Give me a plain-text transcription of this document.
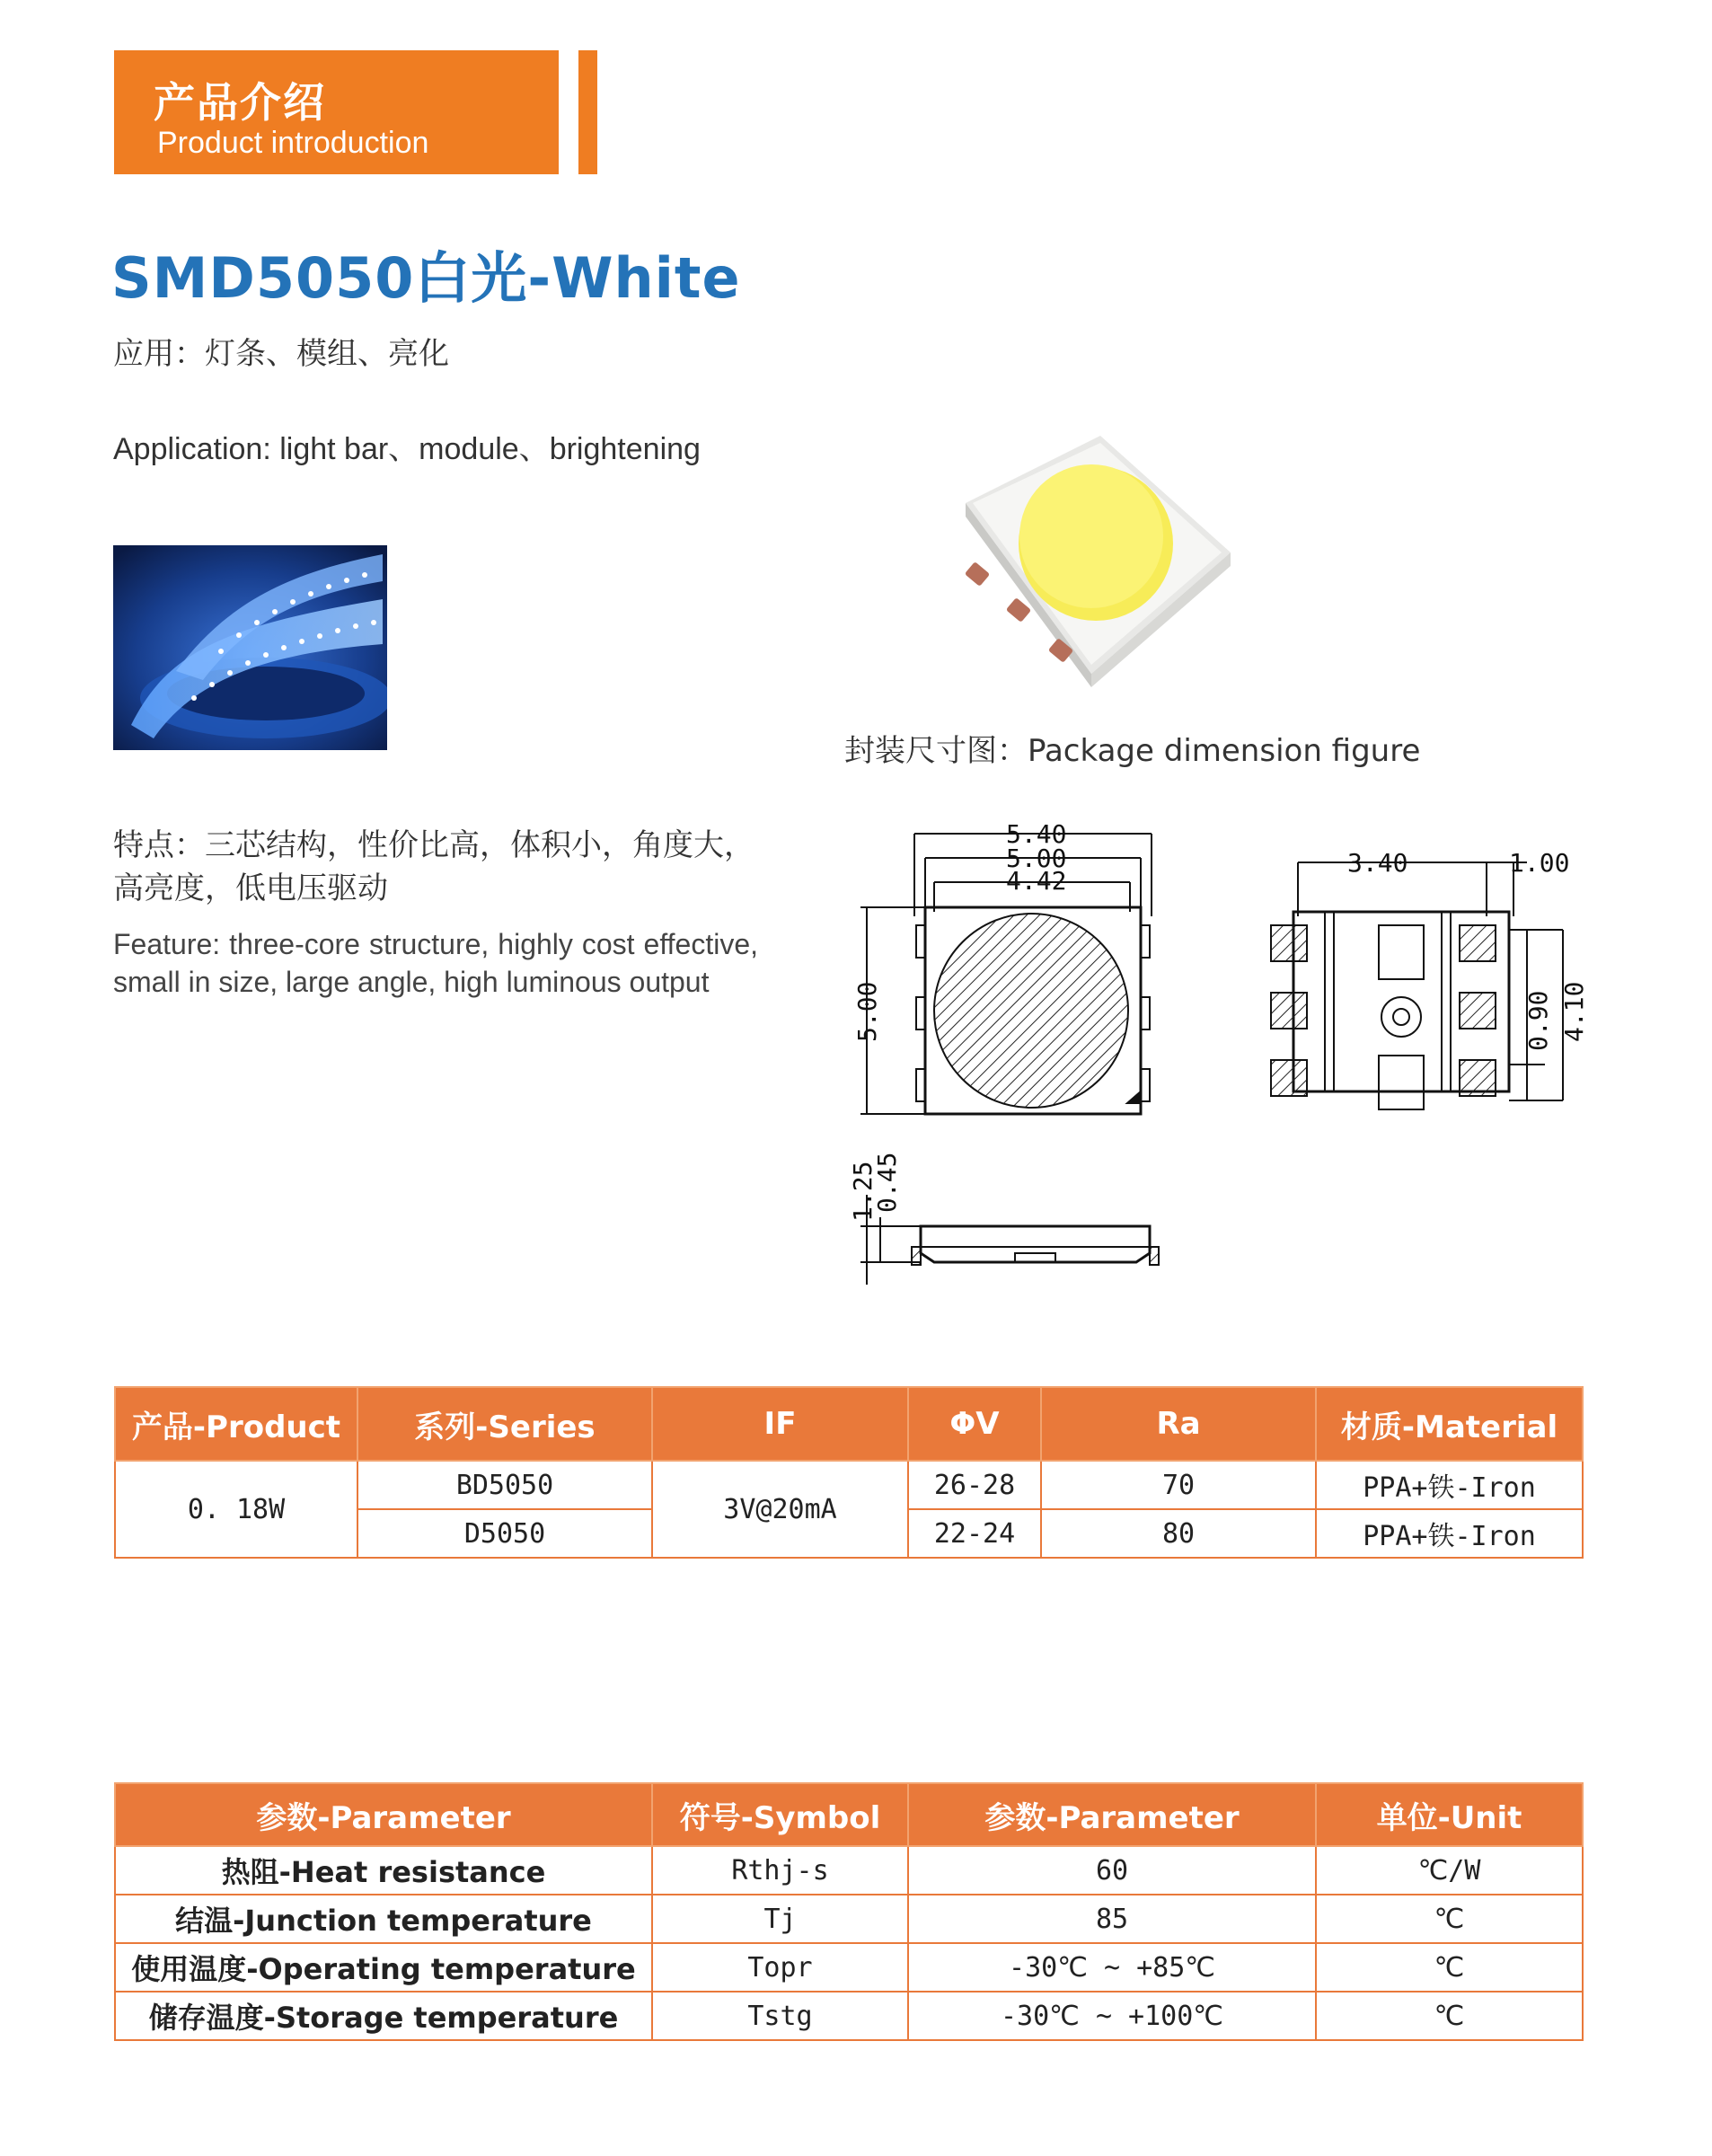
产品介绍
Product introduction
SMD5050白光-White
应用：灯条、模组、亮化
Application: light bar、module、brightening
封装尺寸图：Package dimension figure
特点：三芯结构，性价比高，体积小，角度大，高亮度，低电压驱动
Feature: three-core structure, highly cost effective, small in size, large angle, high luminous output
5.40
5.00
4.42
5.00
1.25
0.45
3.40	1.00
0.90 4.10
产品-Product	系列-Series	IF	ΦV	Ra	材质-Material
0. 18W	BD5050	3V@20mA	26-28	70	PPA+铁-Iron
	D5050		22-24	80	PPA+铁-Iron
参数-Parameter	符号-Symbol	参数-Parameter	单位-Unit
热阻-Heat resistance	Rthj-s	60	℃/W
结温-Junction temperature	Tj	85	℃
使用温度-Operating temperature	Topr	-30℃ ~ +85℃	℃
储存温度-Storage temperature	Tstg	-30℃ ~ +100℃	℃
